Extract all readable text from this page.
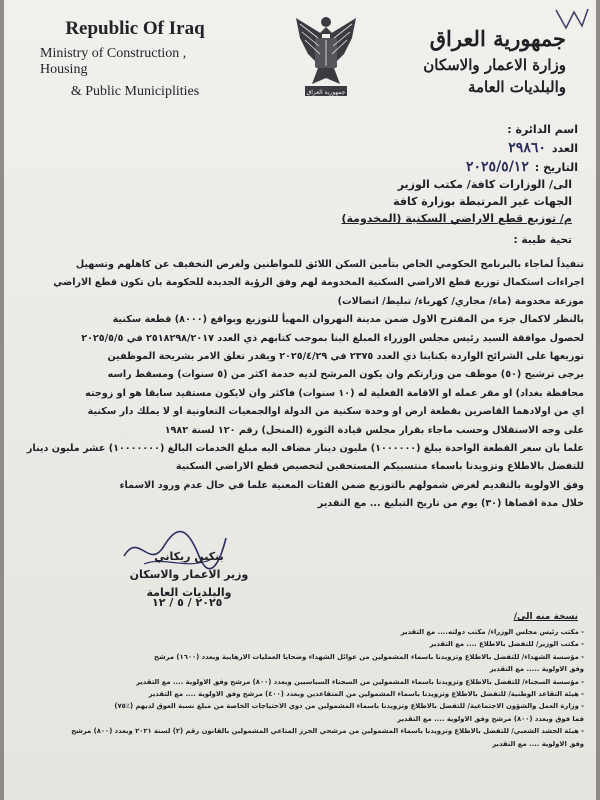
Republic Of Iraq
Ministry of Construction , Housing
& Public Municiplities	جمهورية العراق
جمهورية العراق
وزارة الاعمار والاسكان
والبلديات العامة
اسم الدائرة :
العدد٢٩٨٦٠
التاريخ :٢٠٢٥/٥/١٢
الى/ الوزارات كافة/ مكتب الوزير
الجهات غير المرتبطة بوزارة كافة
م/ توزيع قطع الاراضي السكنية (المخدومة)
تحية طيبة :
تنفيذاً لماجاء بالبرنامج الحكومي الخاص بتأمين السكن اللائق للمواطنين ولغرض التخفيف عن كاهلهم وتسهيل
اجراءات استكمال توزيع قطع الاراضي السكنية المخدومة لهم وفق الرؤية الجديدة للحكومة بان تكون قطع الاراضي
موزعة مخدومة (ماء/ مجاري/ كهرباء/ تبليط/ اتصالات)
بالنظر لاكمال جزء من المقترح الاول ضمن مدينة النهروان المهيأ للتوزيع وبواقع (٨٠٠٠) قطعة سكنية
لحصول موافقة السيد رئيس مجلس الوزراء المبلغ الينا بموجب كتابهم ذي العدد ٢٥١٨٢٩٨/٢٠١٧ في ٢٠٢٥/٥/٥
توزيعها على الشرائح الواردة بكتابنا ذي العدد ٢٣٧٥ في ٢٠٢٥/٤/٢٩ ويقدر تعلق الامر بشريحة الموظفين
يرجى ترشيح (٥٠) موظف من وزارتكم وان يكون المرشح لديه خدمة اكثر من (٥ سنوات) ومسقط راسه
محافظة بغداد) او مقر عمله او الاقامة الفعلية له (١٠ سنوات) فاكثر وان لايكون مستفيد سابقا هو او زوجته
اي من اولادهما القاصرين بقطعة ارض او وحدة سكنية من الدولة اوالجمعيات التعاونية او لا يملك دار سكنية
على وجه الاستقلال وحسب ماجاء بقرار مجلس قيادة الثورة (المنحل) رقم ١٢٠ لسنة ١٩٨٢
علما بان سعر القطعة الواحدة يبلغ (١٠٠٠٠٠٠) مليون دينار مضاف اليه مبلغ الخدمات البالغ (١٠٠٠٠٠٠٠) عشر مليون دينار
للتفضل بالاطلاع وتزويدنا باسماء منتسبيكم المستحقين لتخصيص قطع الاراضي السكنية
وفق الاولوية بالتقديم لغرض شمولهم بالتوزيع ضمن الفئات المعنية علما في حال عدم ورود الاسماء
خلال مدة اقصاها (٣٠) يوم من تاريخ التبليغ ... مع التقدير
بنكين ريكاني
وزير الاعمار والاسكان
والبلديات العامة
٢٠٢٥ / ٥ / ١٢
نسخة منه الى/
- مكتب رئيس مجلس الوزراء/ مكتب دولته.... مع التقدير
- مكتب الوزير/ للتفضل بالاطلاع .... مع التقدير
- مؤسسة الشهداء/ للتفضل بالاطلاع وتزويدنا باسماء المشمولين من عوائل الشهداء وضحايا العمليات الارهابية وبعدد (١٦٠٠) مرشح
وفق الاولوية ..... مع التقدير
- مؤسسة السجناء/ للتفضل بالاطلاع وتزويدنا باسماء المشمولين من السجناء السياسيين وبعدد (٨٠٠) مرشح وفق الاولوية .... مع التقدير
- هيئة التقاعد الوطنية/ للتفضل بالاطلاع وتزويدنا باسماء المشمولين من المتقاعدين وبعدد (٤٠٠) مرشح وفق الاولوية .... مع التقدير
- وزارة العمل والشؤون الاجتماعية/ للتفضل بالاطلاع وتزويدنا باسماء المشمولين من ذوي الاحتياجات الخاصة من مبلغ نسبة العوق لديهم (٪٧٥)
فما فوق وبعدد (٨٠٠) مرشح وفق الاولوية .... مع التقدير
- هيئة الحشد الشعبي/ للتفضل بالاطلاع وتزويدنا باسماء المشمولين من مرشحي الحرز المتاعي المشمولين بالقانون رقم (٢) لسنة ٢٠٢١ وبعدد (٨٠٠) مرشح
وفق الاولوية .... مع التقدير
